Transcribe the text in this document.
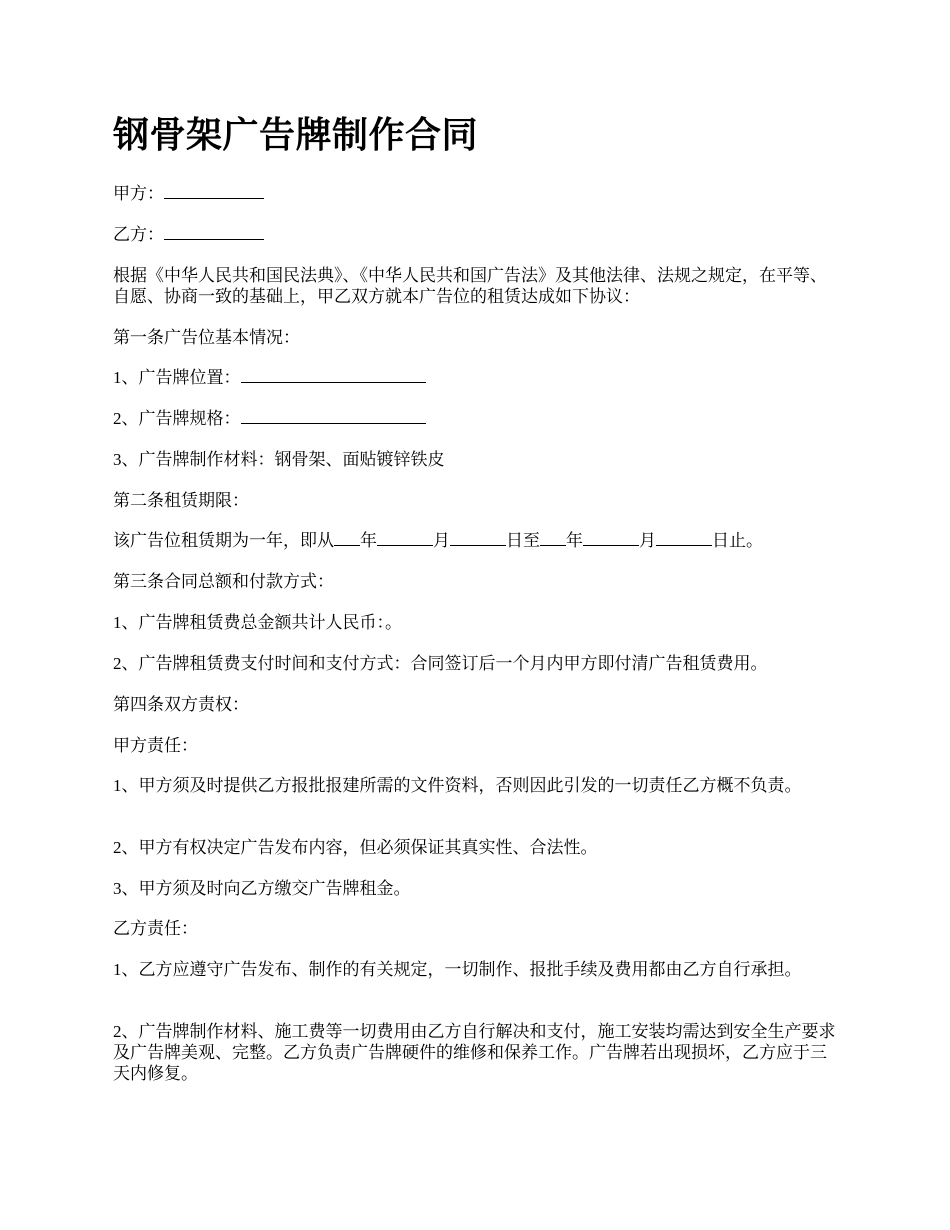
钢骨架广告牌制作合同

甲方：

乙方：

根据《中华人民共和国民法典》、《中华人民共和国广告法》及其他法律、法规之规定，在平等、自愿、协商一致的基础上，甲乙双方就本广告位的租赁达成如下协议：

第一条广告位基本情况：

1、广告牌位置：

2、广告牌规格：

3、广告牌制作材料：钢骨架、面贴镀锌铁皮

第二条租赁期限：

该广告位租赁期为一年，即从 年	月	日至 年	月	日止。

第三条合同总额和付款方式：

1、广告牌租赁费总金额共计人民币：。

2、广告牌租赁费支付时间和支付方式：合同签订后一个月内甲方即付清广告租赁费用。

第四条双方责权：

甲方责任：

1、甲方须及时提供乙方报批报建所需的文件资料，否则因此引发的一切责任乙方概不负责。

2、甲方有权决定广告发布内容，但必须保证其真实性、合法性。

3、甲方须及时向乙方缴交广告牌租金。

乙方责任：

1、乙方应遵守广告发布、制作的有关规定，一切制作、报批手续及费用都由乙方自行承担。

2、广告牌制作材料、施工费等一切费用由乙方自行解决和支付，施工安装均需达到安全生产要求及广告牌美观、完整。乙方负责广告牌硬件的维修和保养工作。广告牌若出现损坏，乙方应于三天内修复。
